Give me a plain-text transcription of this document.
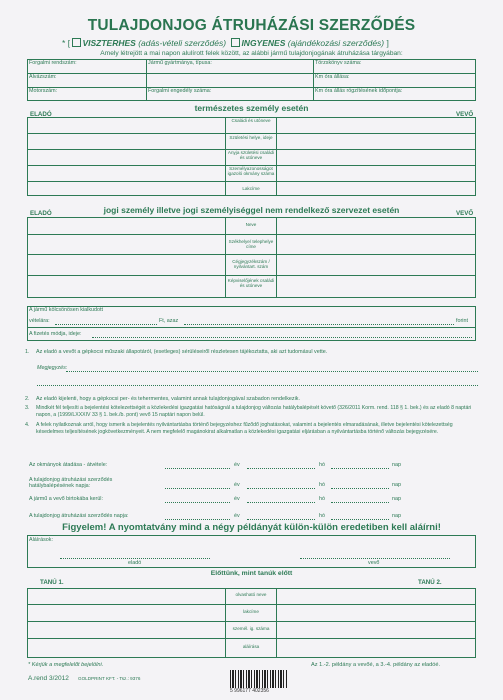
TULAJDONJOG ÁTRUHÁZÁSI SZERZŐDÉS
* [ VISZTERHES (adás-vételi szerződés) INGYENES (ajándékozási szerződés) ]
Amely létrejött a mai napon alulírott felek között, az alábbi jármű tulajdonjogának átruházása tárgyában:
Forgalmi rendszám:	Jármű gyártmánya, típusa:	Törzskönyv száma:
Alvázszám:	Km óra állása:
Motorszám:	Forgalmi engedély száma:	Km óra állás rögzítésének időpontja:
természetes személy esetén
ELADÓ	VEVŐ
Családi és utóneve
Születési helye, ideje
Anyja születési családi és utóneve
Személyazonosságot igazoló okmány száma
Lakcíme
ELADÓ	jogi személy illetve jogi személyiséggel nem rendelkező szervezet esetén	VEVŐ
Neve
Székhelye/ telephelye címe
Cégjegyzékszám / nyilvántart. szám
Képviselőjének családi és utóneve
A jármű kölcsönösen kialkudott
vételára:	Ft, azaz	forint
A fizetés módja, ideje:
1. Az eladó a vevőt a gépkocsi műszaki állapotáról, (esetleges) sérüléseiről részletesen tájékoztatta, aki azt tudomásul vette.
Megjegyzés:
2. Az eladó kijelenti, hogy a gépkocsi per- és tehermentes, valamint annak tulajdonjogával szabadon rendelkezik.
3. Mindkét fél teljesíti a bejelentési kötelezettségét a közlekedési igazgatási hatóságnál a tulajdonjog változás hatálybalépését követő (326/2011 Korm. rend. 118 § 1. bek.) és az eladó 8 naptári napon, a (1999/LXXXIV 33 § 1. bek./b. pont) vevő 15 naptári napon belül.
4. A felek nyilatkoznak arról, hogy ismerik a bejelentés nyilvántartásba történő bejegyzéshez fűződő joghatásokat, valamint a bejelentés elmaradásának, illetve bejelentési kötelezettség késedelmes teljesítésének jogkövetkezményeit. A nem megfelelő magánokirat alkalmatlan a közlekedési igazgatási eljárásban a nyilvántartásba történő változás bejegyzésére.
Az okmányok átadása - átvétele:	év	hó	nap
A tulajdonjog átruházási szerződés hatálybalépésének napja:	év	hó	nap
A jármű a vevő birtokába kerül:	év	hó	nap
A tulajdonjog átruházási szerződés napja:	év	hó	nap
Figyelem! A nyomtatvány mind a négy példányát külön-külön eredetiben kell aláírni!
Aláírások:
eladó	vevő
Előttünk, mint tanúk előtt
TANÚ 1.	TANÚ 2.
olvasható neve
lakcíme
személ. ig. száma
aláírása
* Kérjük a megfelelőt bejelölni.
A.rend 3/2012 GOLDPRINT KFT. - Tsz.: 9376
5 996177 402356
Az 1.-2. példány a vevőé, a 3.-4. példány az eladóé.
